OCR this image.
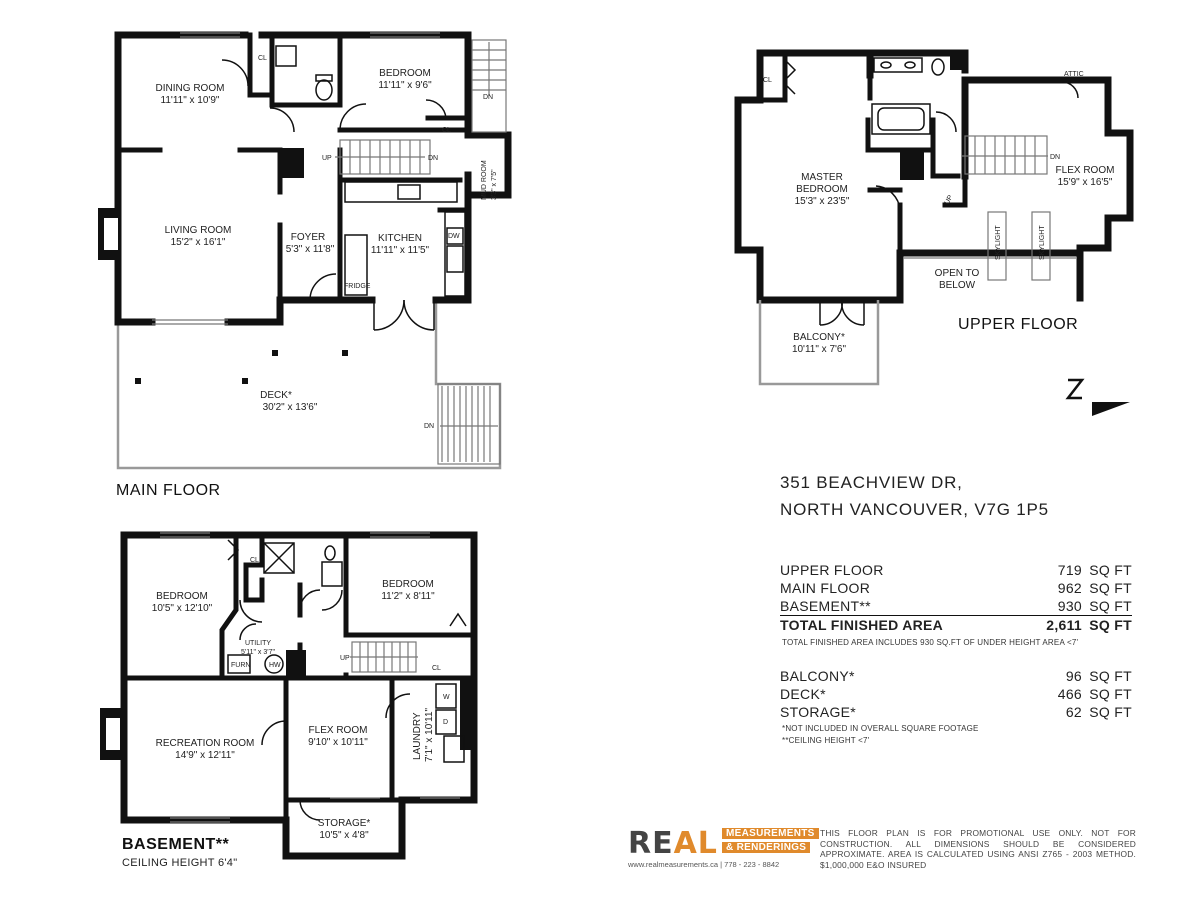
DINING ROOM
11'11" x 10'9"
BEDROOM
11'11" x 9'6"
LIVING ROOM
15'2" x 16'1"	FOYER
5'3" x 11'8"
KITCHEN
11'11" x 11'5"
MUD ROOM 3'3" x 7'5"
DECK*
30'2" x 13'6"
CL
CL
UP	DN
DN
DN
DW
FRIDGE
MASTER
BEDROOM
15'3" x 23'5"
FLEX ROOM
15'9" x 16'5"
BALCONY*
10'11" x 7'6"
OPEN TO
BELOW
CL
ATTIC
DN
UP
SKYLIGHT	SKYLIGHT
BEDROOM
10'5" x 12'10"
BEDROOM
11'2" x 8'11"
UTILITY
5'11" x 3'7"
RECREATION ROOM
14'9" x 12'11"
FLEX ROOM
9'10" x 10'11"	LAUNDRY 7'1" x 10'11"
STORAGE*
10'5" x 4'8"
CL
CL
UP
FURN	HW
W
D
MAIN FLOOR
UPPER FLOOR
BASEMENT**
CEILING HEIGHT 6'4"
351 BEACHVIEW DR,
NORTH VANCOUVER, V7G 1P5
UPPER FLOOR	719 SQ FT
MAIN FLOOR	962 SQ FT
BASEMENT**	930 SQ FT
TOTAL FINISHED AREA	2,611 SQ FT
TOTAL FINISHED AREA INCLUDES 930 SQ.FT OF UNDER HEIGHT AREA <7'
BALCONY*	96 SQ FT
DECK*	466 SQ FT
STORAGE*	62 SQ FT
*NOT INCLUDED IN OVERALL SQUARE FOOTAGE
**CEILING HEIGHT <7'
REAL MEASUREMENTS
& RENDERINGS
www.realmeasurements.ca | 778 - 223 - 8842
THIS FLOOR PLAN IS FOR PROMOTIONAL USE ONLY. NOT FOR CONSTRUCTION. ALL DIMENSIONS SHOULD BE CONSIDERED APPROXIMATE. AREA IS CALCULATED USING ANSI Z765 - 2003 METHOD. $1,000,000 E&O INSURED
